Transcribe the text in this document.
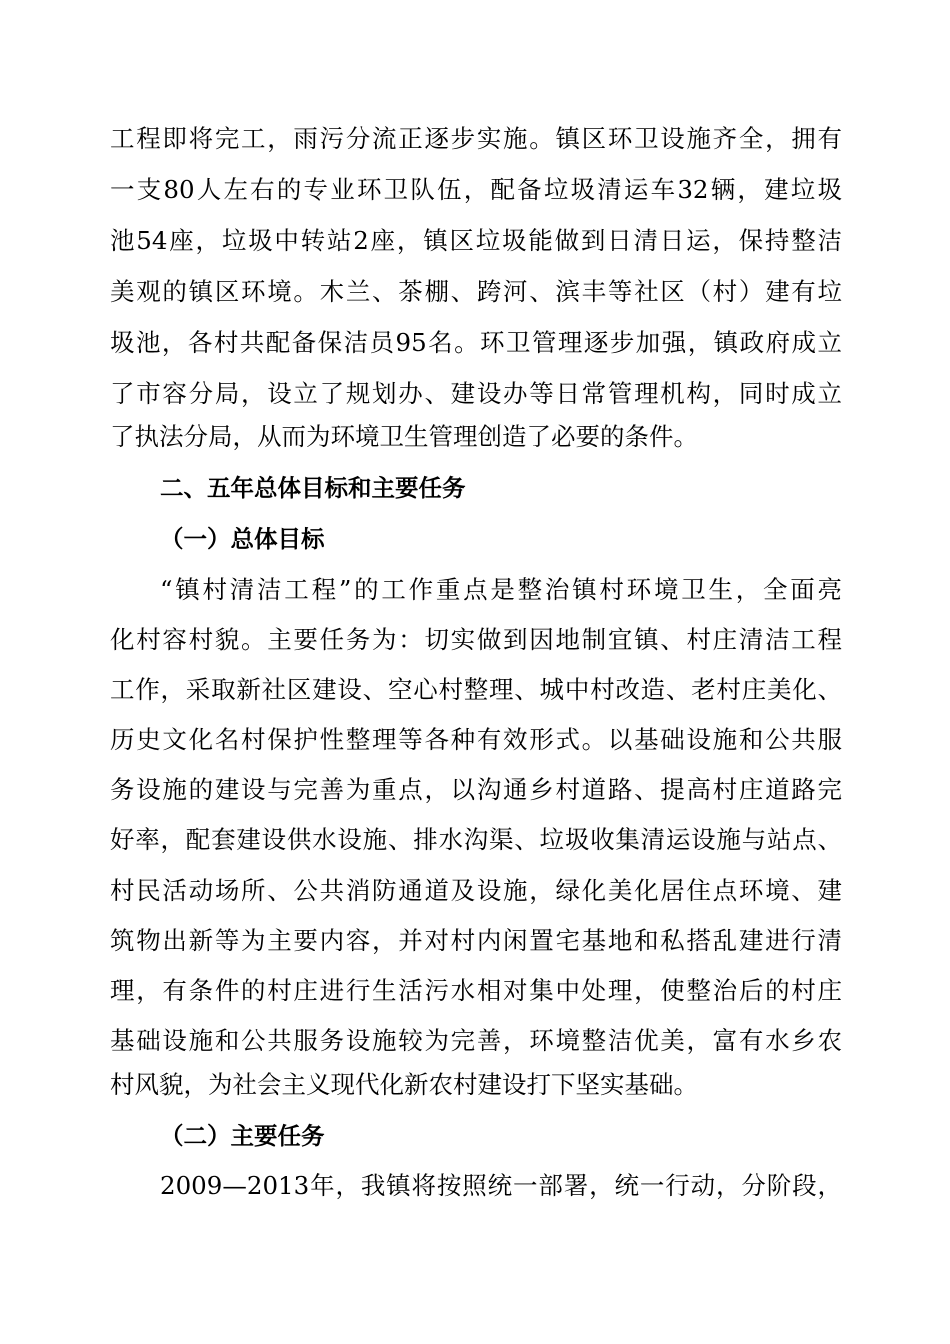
工程即将完工，雨污分流正逐步实施。镇区环卫设施齐全，拥有
一支80人左右的专业环卫队伍，配备垃圾清运车32辆，建垃圾
池54座，垃圾中转站2座，镇区垃圾能做到日清日运，保持整洁
美观的镇区环境。木兰、茶棚、跨河、滨丰等社区（村）建有垃
圾池，各村共配备保洁员95名。环卫管理逐步加强，镇政府成立
了市容分局，设立了规划办、建设办等日常管理机构，同时成立
了执法分局，从而为环境卫生管理创造了必要的条件。
二、五年总体目标和主要任务
（一）总体目标
“镇村清洁工程”的工作重点是整治镇村环境卫生，全面亮
化村容村貌。主要任务为：切实做到因地制宜镇、村庄清洁工程
工作，采取新社区建设、空心村整理、城中村改造、老村庄美化、
历史文化名村保护性整理等各种有效形式。以基础设施和公共服
务设施的建设与完善为重点，以沟通乡村道路、提高村庄道路完
好率，配套建设供水设施、排水沟渠、垃圾收集清运设施与站点、
村民活动场所、公共消防通道及设施，绿化美化居住点环境、建
筑物出新等为主要内容，并对村内闲置宅基地和私搭乱建进行清
理，有条件的村庄进行生活污水相对集中处理，使整治后的村庄
基础设施和公共服务设施较为完善，环境整洁优美，富有水乡农
村风貌，为社会主义现代化新农村建设打下坚实基础。
（二）主要任务
2009—2013年，我镇将按照统一部署，统一行动，分阶段，
